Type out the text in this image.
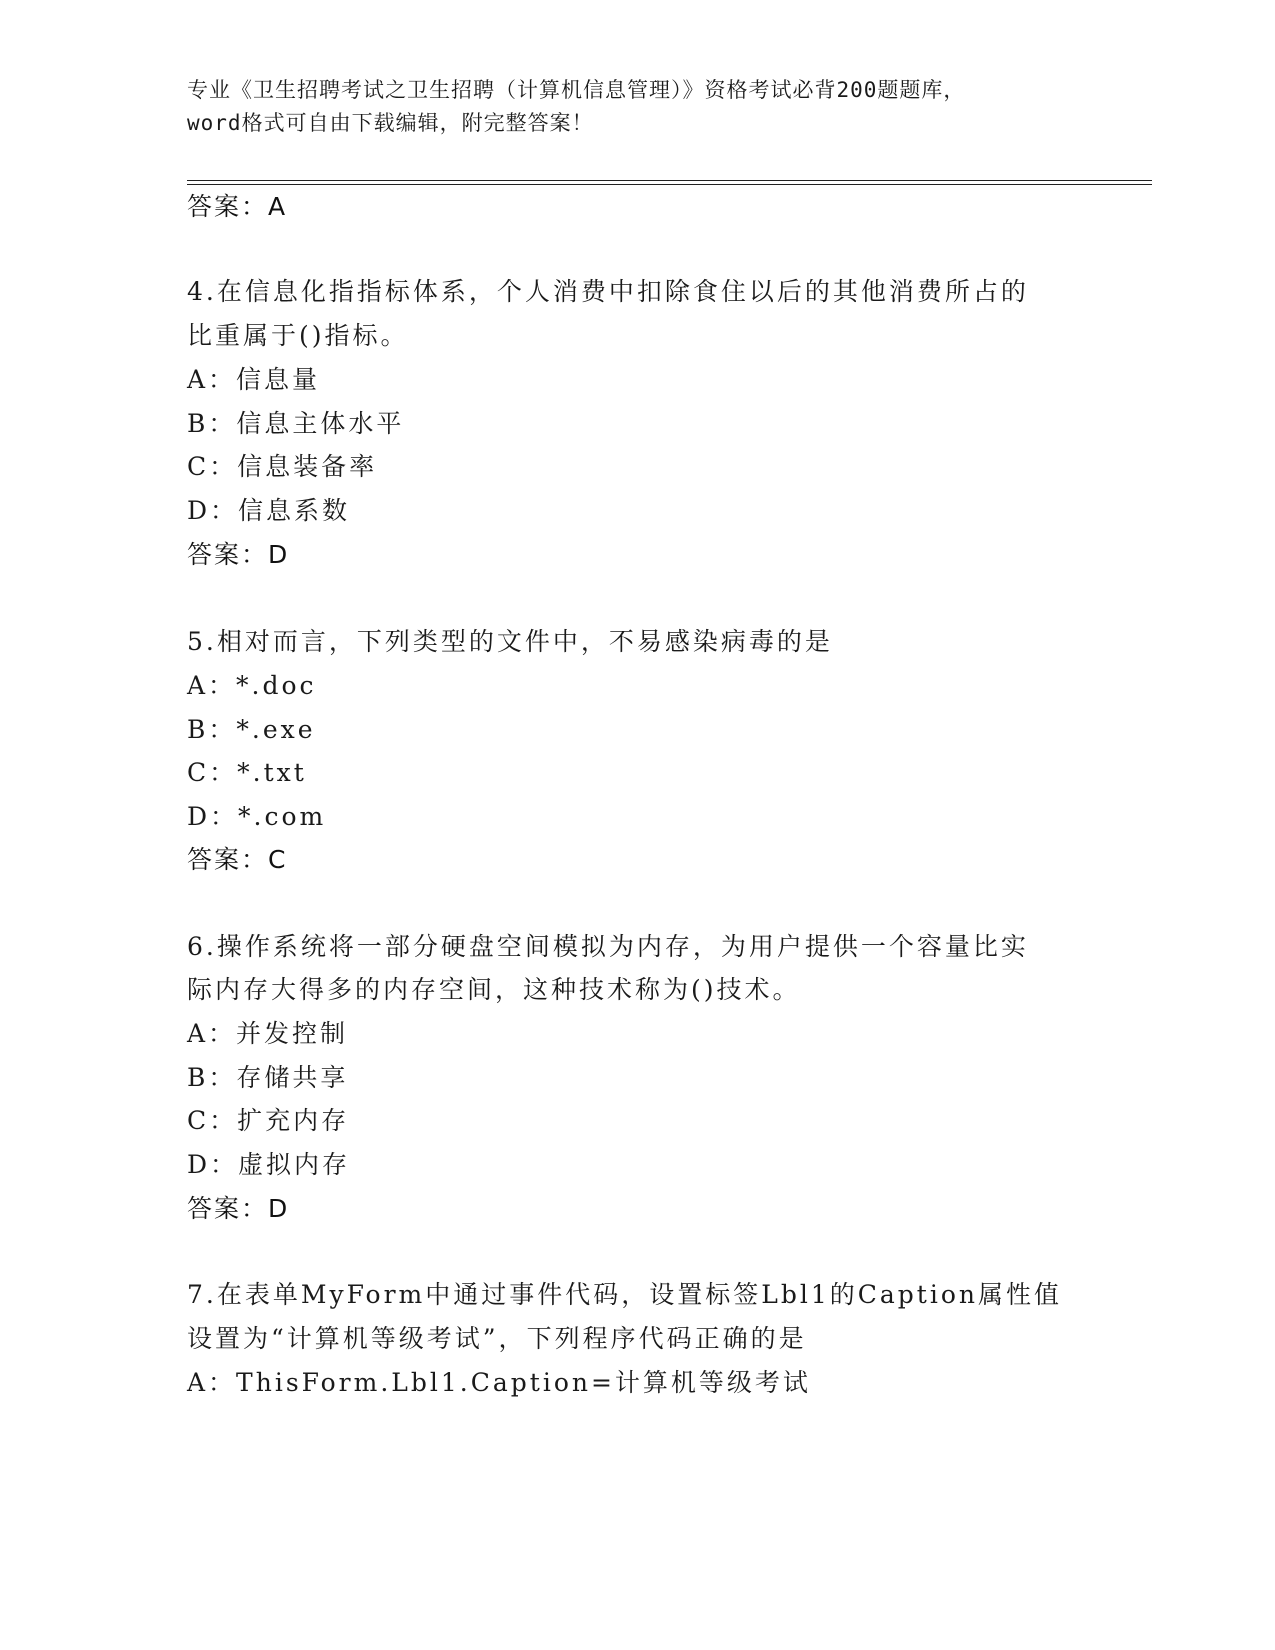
专业《卫生招聘考试之卫生招聘（计算机信息管理）》资格考试必背200题题库，
word格式可自由下载编辑，附完整答案！
答案：A
4.在信息化指指标体系，个人消费中扣除食住以后的其他消费所占的
比重属于()指标。
A：信息量
B：信息主体水平
C：信息装备率
D：信息系数
答案：D
5.相对而言，下列类型的文件中，不易感染病毒的是
A：*.doc
B：*.exe
C：*.txt
D：*.com
答案：C
6.操作系统将一部分硬盘空间模拟为内存，为用户提供一个容量比实
际内存大得多的内存空间，这种技术称为()技术。
A：并发控制
B：存储共享
C：扩充内存
D：虚拟内存
答案：D
7.在表单MyForm中通过事件代码，设置标签Lbl1的Caption属性值
设置为“计算机等级考试”，下列程序代码正确的是
A：ThisForm.Lbl1.Caption=计算机等级考试
